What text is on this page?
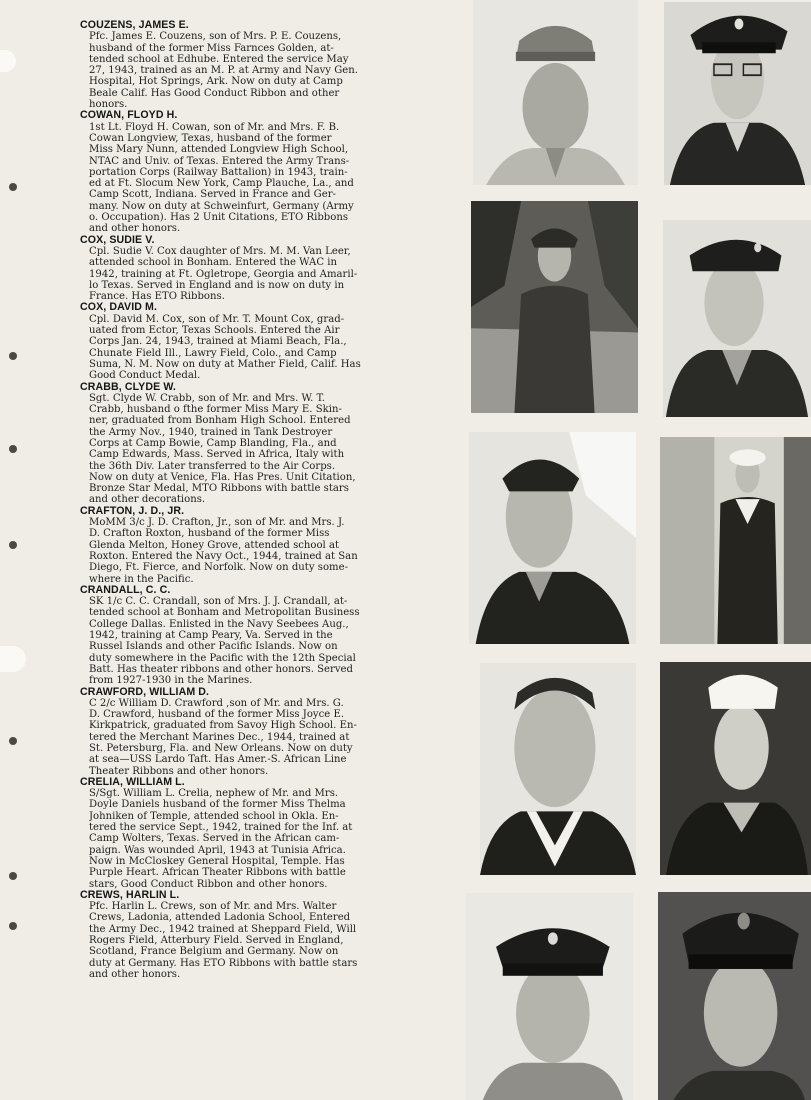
COUZENS, JAMES E.

Pfc. James E. Couzens, son of Mrs. P. E. Couzens,
husband of the former Miss Farnces Golden, at-
tended school at Edhube. Entered the service May
27, 1943, trained as an M. P. at Army and Navy Gen.
Hospital, Hot Springs, Ark. Now on duty at Camp
Beale Calif. Has Good Conduct Ribbon and other
honors.

COWAN, FLOYD H.

1st Lt. Floyd H. Cowan, son of Mr. and Mrs. F. B.
Cowan Longview, Texas, husband of the former
Miss Mary Nunn, attended Longview High School,
NTAC and Univ. of Texas. Entered the Army Trans-
portation Corps (Railway Battalion) in 1943, train-
ed at Ft. Slocum New York, Camp Plauche, La., and
Camp Scott, Indiana. Served in France and Ger-
many. Now on duty at Schweinfurt, Germany (Army
o. Occupation). Has 2 Unit Citations, ETO Ribbons
and other honors.

COX, SUDIE V.

Cpl. Sudie V. Cox daughter of Mrs. M. M. Van Leer,
attended school in Bonham. Entered the WAC in
1942, training at Ft. Ogletrope, Georgia and Amaril-
lo Texas. Served in England and is now on duty in
France. Has ETO Ribbons.

COX, DAVID M.

Cpl. David M. Cox, son of Mr. T. Mount Cox, grad-
uated from Ector, Texas Schools. Entered the Air
Corps Jan. 24, 1943, trained at Miami Beach, Fla.,
Chunate Field Ill., Lawry Field, Colo., and Camp
Suma, N. M. Now on duty at Mather Field, Calif. Has
Good Conduct Medal.

CRABB, CLYDE W.

Sgt. Clyde W. Crabb, son of Mr. and Mrs. W. T.
Crabb, husband o fthe former Miss Mary E. Skin-
ner, graduated from Bonham High School. Entered
the Army Nov., 1940, trained in Tank Destroyer
Corps at Camp Bowie, Camp Blanding, Fla., and
Camp Edwards, Mass. Served in Africa, Italy with
the 36th Div. Later transferred to the Air Corps.
Now on duty at Venice, Fla. Has Pres. Unit Citation,
Bronze Star Medal, MTO Ribbons with battle stars
and other decorations.

CRAFTON, J. D., JR.

MoMM 3/c J. D. Crafton, Jr., son of Mr. and Mrs. J.
D. Crafton Roxton, husband of the former Miss
Glenda Melton, Honey Grove, attended school at
Roxton. Entered the Navy Oct., 1944, trained at San
Diego, Ft. Fierce, and Norfolk. Now on duty some-
where in the Pacific.

CRANDALL, C. C.

SK 1/c C. C. Crandall, son of Mrs. J. J. Crandall, at-
tended school at Bonham and Metropolitan Business
College Dallas. Enlisted in the Navy Seebees Aug.,
1942, training at Camp Peary, Va. Served in the
Russel Islands and other Pacific Islands. Now on
duty somewhere in the Pacific with the 12th Special
Batt. Has theater ribbons and other honors. Served
from 1927-1930 in the Marines.

CRAWFORD, WILLIAM D.

C 2/c William D. Crawford ,son of Mr. and Mrs. G.
D. Crawford, husband of the former Miss Joyce E.
Kirkpatrick, graduated from Savoy High School. En-
tered the Merchant Marines Dec., 1944, trained at
St. Petersburg, Fla. and New Orleans. Now on duty
at sea—USS Lardo Taft. Has Amer.-S. African Line
Theater Ribbons and other honors.

CRELIA, WILLIAM L.

S/Sgt. William L. Crelia, nephew of Mr. and Mrs.
Doyle Daniels husband of the former Miss Thelma
Johniken of Temple, attended school in Okla. En-
tered the service Sept., 1942, trained for the Inf. at
Camp Wolters, Texas. Served in the African cam-
paign. Was wounded April, 1943 at Tunisia Africa.
Now in McCloskey General Hospital, Temple. Has
Purple Heart. African Theater Ribbons with battle
stars, Good Conduct Ribbon and other honors.

CREWS, HARLIN L.

Pfc. Harlin L. Crews, son of Mr. and Mrs. Walter
Crews, Ladonia, attended Ladonia School, Entered
the Army Dec., 1942 trained at Sheppard Field, Will
Rogers Field, Atterbury Field. Served in England,
Scotland, France Belgium and Germany. Now on
duty at Germany. Has ETO Ribbons with battle stars
and other honors.
